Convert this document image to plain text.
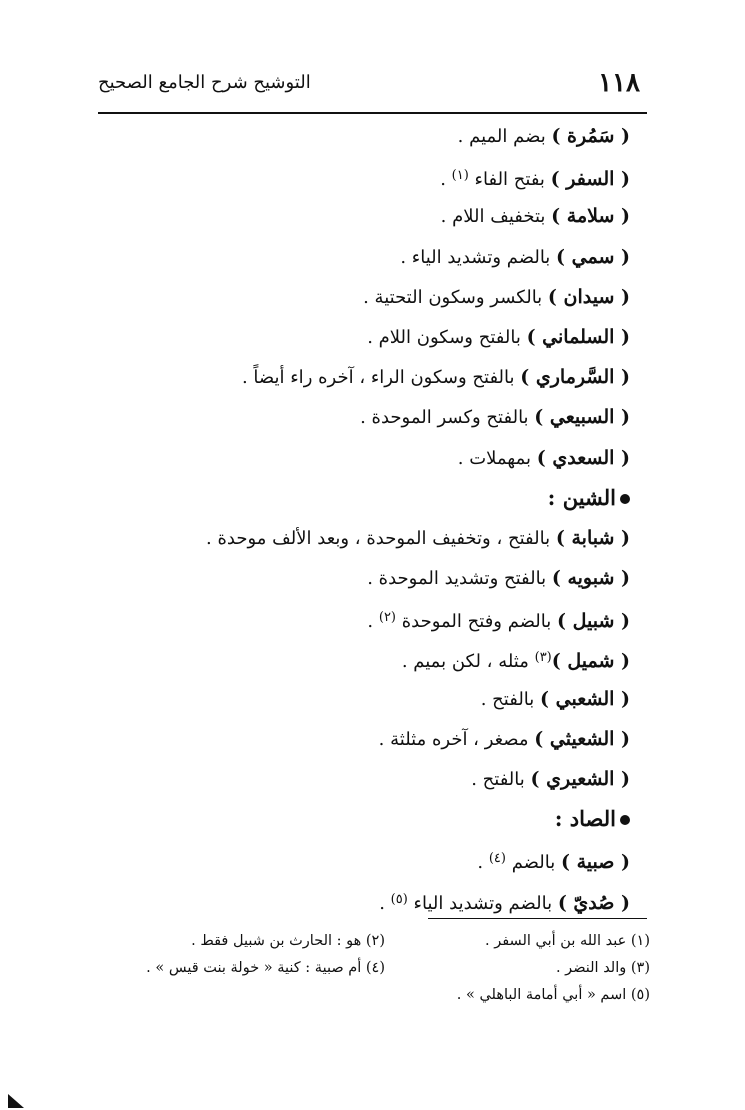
١١٨
التوشيح شرح الجامع الصحيح
( سَمُرة ) بضم الميم .
( السفر ) بفتح الفاء $^{(١)}$ .
( سلامة ) بتخفيف اللام .
( سمي ) بالضم وتشديد الياء .
( سيدان ) بالكسر وسكون التحتية .
( السلماني ) بالفتح وسكون اللام .
( السَّرماري ) بالفتح وسكون الراء ، آخره راء أيضاً .
( السبيعي ) بالفتح وكسر الموحدة .
( السعدي ) بمهملات .
الشين :
( شبابة ) بالفتح ، وتخفيف الموحدة ، وبعد الألف موحدة .
( شبويه ) بالفتح وتشديد الموحدة .
( شبيل ) بالضم وفتح الموحدة $^{(٢)}$ .
( شميل )$^{(٣)}$ مثله ، لكن بميم .
( الشعبي ) بالفتح .
( الشعيثي ) مصغر ، آخره مثلثة .
( الشعيري ) بالفتح .
الصاد :
( صبية ) بالضم $^{(٤)}$ .
( صُديّ ) بالضم وتشديد الياء $^{(٥)}$ .
(١) عبد الله بن أبي السفر .
(٢) هو : الحارث بن شبيل فقط .
(٣) والد النضر .
(٤) أم صبية : كنية « خولة بنت قيس » .
(٥) اسم « أبي أمامة الباهلي » .
